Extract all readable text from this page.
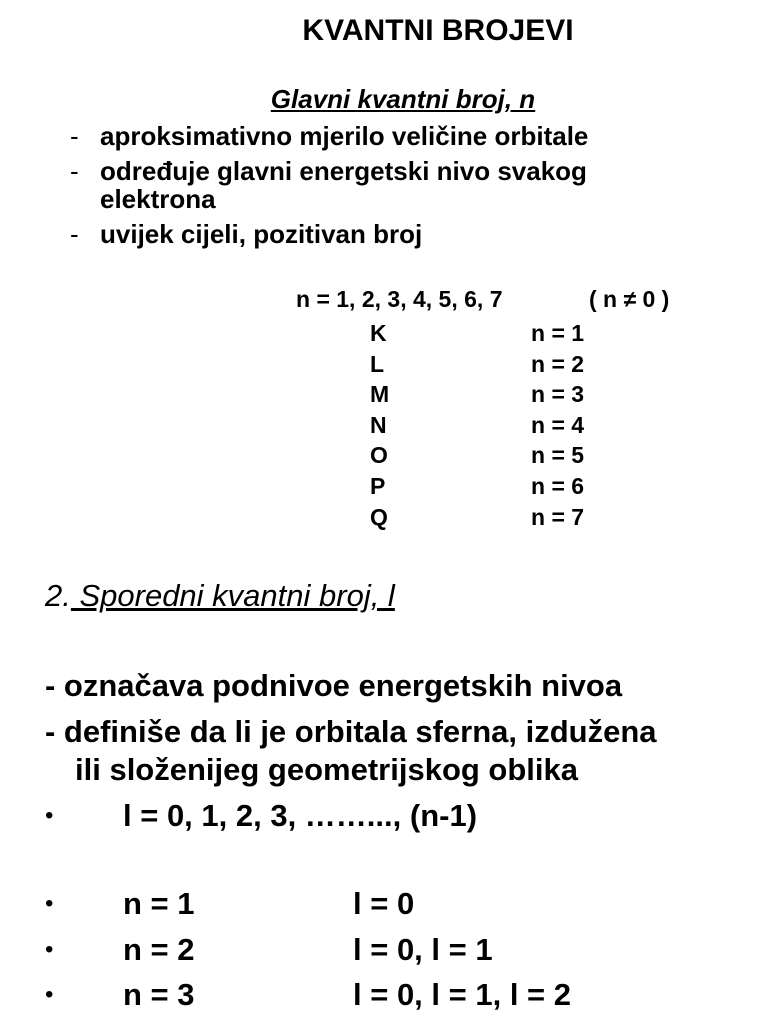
KVANTNI BROJEVI
Glavni kvantni broj, n
- aproksimativno mjerilo veličine orbitale
- određuje glavni energetski nivo svakog elektrona
- uvijek cijeli, pozitivan broj
n = 1, 2, 3, 4, 5, 6, 7	( n ≠ 0 )
K	n = 1
L	n = 2
M	n = 3
N	n = 4
O	n = 5
P	n = 6
Q	n = 7
2. Sporedni kvantni broj, l
- označava podnivoe energetskih nivoa
- definiše da li je orbitala sferna, izdužena
ili složenijeg geometrijskog oblika
• l = 0, 1, 2, 3, ……..., (n-1)
• n = 1	l = 0
• n = 2	l = 0, l = 1
• n = 3	l = 0, l = 1, l = 2
